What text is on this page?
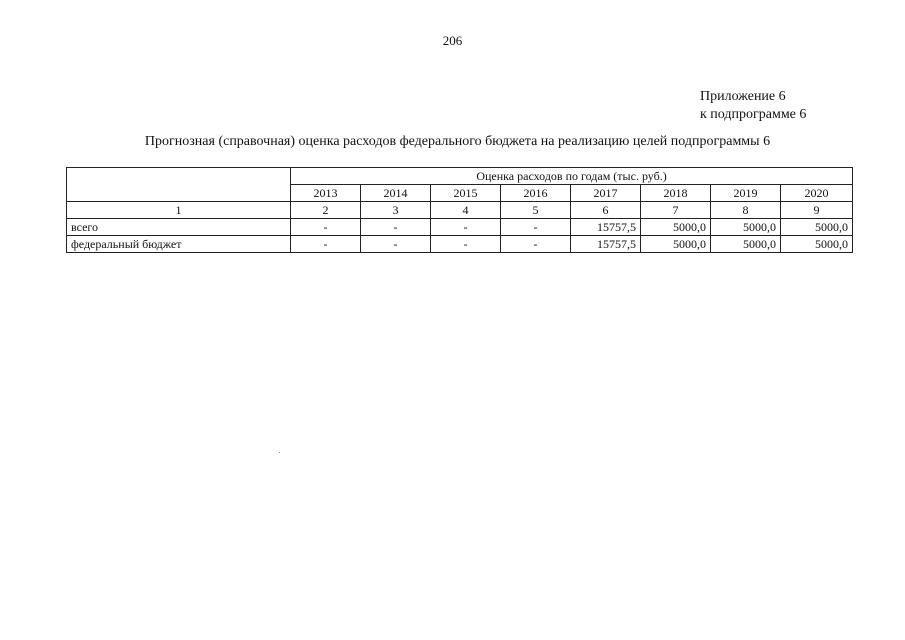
206
Приложение 6
к подпрограмме 6
Прогнозная (справочная) оценка расходов федерального бюджета на реализацию целей подпрограммы 6
	Оценка расходов по годам (тыс. руб.)							
	2013	2014	2015	2016	2017	2018	2019	2020
1	2	3	4	5	6	7	8	9
всего	-	-	-	-	15757,5	5000,0	5000,0	5000,0
федеральный бюджет	-	-	-	-	15757,5	5000,0	5000,0	5000,0
